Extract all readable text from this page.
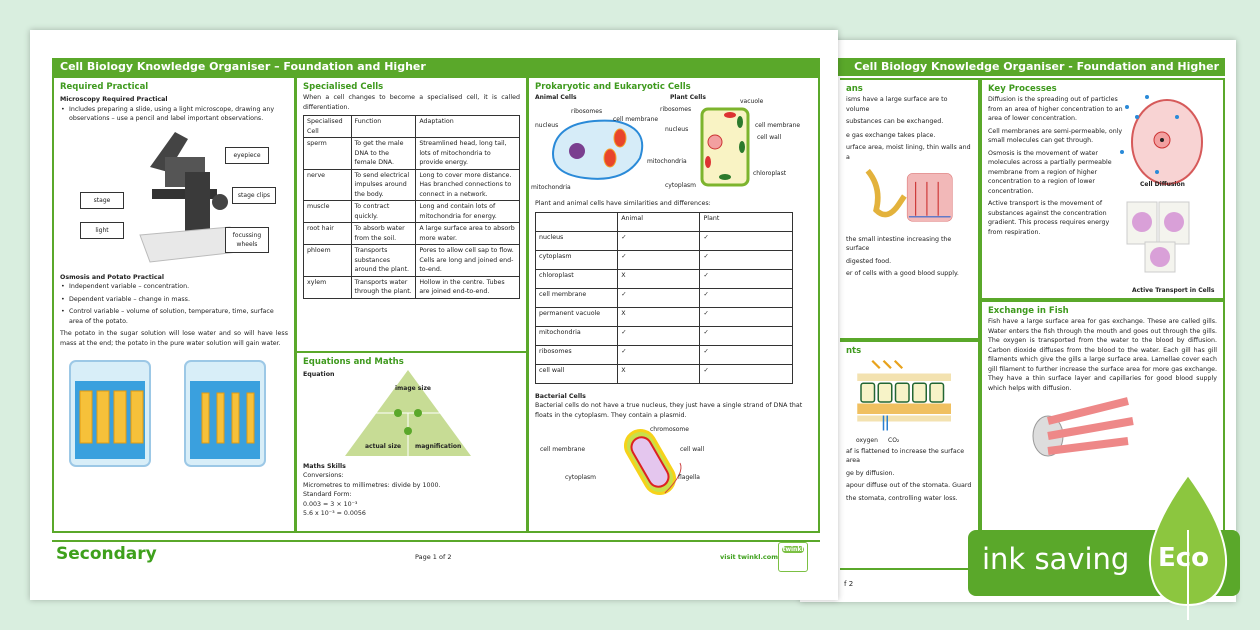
Cell Biology Knowledge Organiser - Foundation and Higher
ans

isms have a large surface are to volume

substances can be exchanged.

e gas exchange takes place.

urface area, moist lining, thin walls and a

the small intestine increasing the surface

digested food.

er of cells with a good blood supply.

nts
oxygen CO₂

af is flattened to increase the surface area

ge by diffusion.

apour diffuse out of the stomata. Guard

the stomata, controlling water loss.

Key Processes

Diffusion is the spreading out of particles from an area of higher concentration to an area of lower concentration.

Cell membranes are semi-permeable, only small molecules can get through.

Osmosis is the movement of water molecules across a partially permeable membrane from a region of higher concentration to a region of lower concentration.

Active transport is the movement of substances against the concentration gradient. This process requires energy from respiration.

Cell Diffusion
Active Transport in Cells
Exchange in Fish

Fish have a large surface area for gas exchange. These are called gills. Water enters the fish through the mouth and goes out through the gills. The oxygen is transported from the water to the blood by diffusion. Carbon dioxide diffuses from the blood to the water. Each gill has gill filaments which give the gills a large surface area. Lamellae cover each gill filament to further increase the surface area for more gas exchange. They have a thin surface layer and capillaries for good blood supply which helps with diffusion.

f 2
Cell Biology Knowledge Organiser – Foundation and Higher
Required Practical
Microscopy Required Practical
• Includes preparing a slide, using a light microscope, drawing any observations – use a pencil and label important observations.
eyepiece
stage
stage clips
light
focussing wheels
Osmosis and Potato Practical
• Independent variable – concentration.
• Dependent variable – change in mass.
• Control variable – volume of solution, temperature, time, surface area of the potato.

The potato in the sugar solution will lose water and so will have less mass at the end; the potato in the pure water solution will gain water.

Specialised Cells

When a cell changes to become a specialised cell, it is called differentiation.

Specialised Cell	Function	Adaptation
sperm	To get the male DNA to the female DNA.	Streamlined head, long tail, lots of mitochondria to provide energy.
nerve	To send electrical impulses around the body.	Long to cover more distance. Has branched connections to connect in a network.
muscle	To contract quickly.	Long and contain lots of mitochondria for energy.
root hair	To absorb water from the soil.	A large surface area to absorb more water.
phloem	Transports substances around the plant.	Pores to allow cell sap to flow. Cells are long and joined end-to-end.
xylem	Transports water through the plant.	Hollow in the centre. Tubes are joined end-to-end.
Equations and Maths
Equation
image size
actual size magnification
Maths Skills
Conversions:
Micrometres to millimetres: divide by 1000.
Standard Form:
0.003 = 3 × 10⁻³
5.6 x 10⁻³ = 0.0056
Prokaryotic and Eukaryotic Cells
Animal Cells	Plant Cells
ribosomes
nucleus
cell membrane
mitochondria
vacuole
ribosomes
cell membrane
nucleus
cell wall
mitochondria
chloroplast
cytoplasm

Plant and animal cells have similarities and differences:

	Animal	Plant
nucleus	✓	✓
cytoplasm	✓	✓
chloroplast	X	✓
cell membrane	✓	✓
permanent vacuole	X	✓
mitochondria	✓	✓
ribosomes	✓	✓
cell wall	X	✓
Bacterial Cells

Bacterial cells do not have a true nucleus, they just have a single strand of DNA that floats in the cytoplasm. They contain a plasmid.

chromosome
cell membrane	cell wall
cytoplasm	flagella
Secondary	Page 1 of 2	visit twinkl.com
twinkl	ink saving Eco
